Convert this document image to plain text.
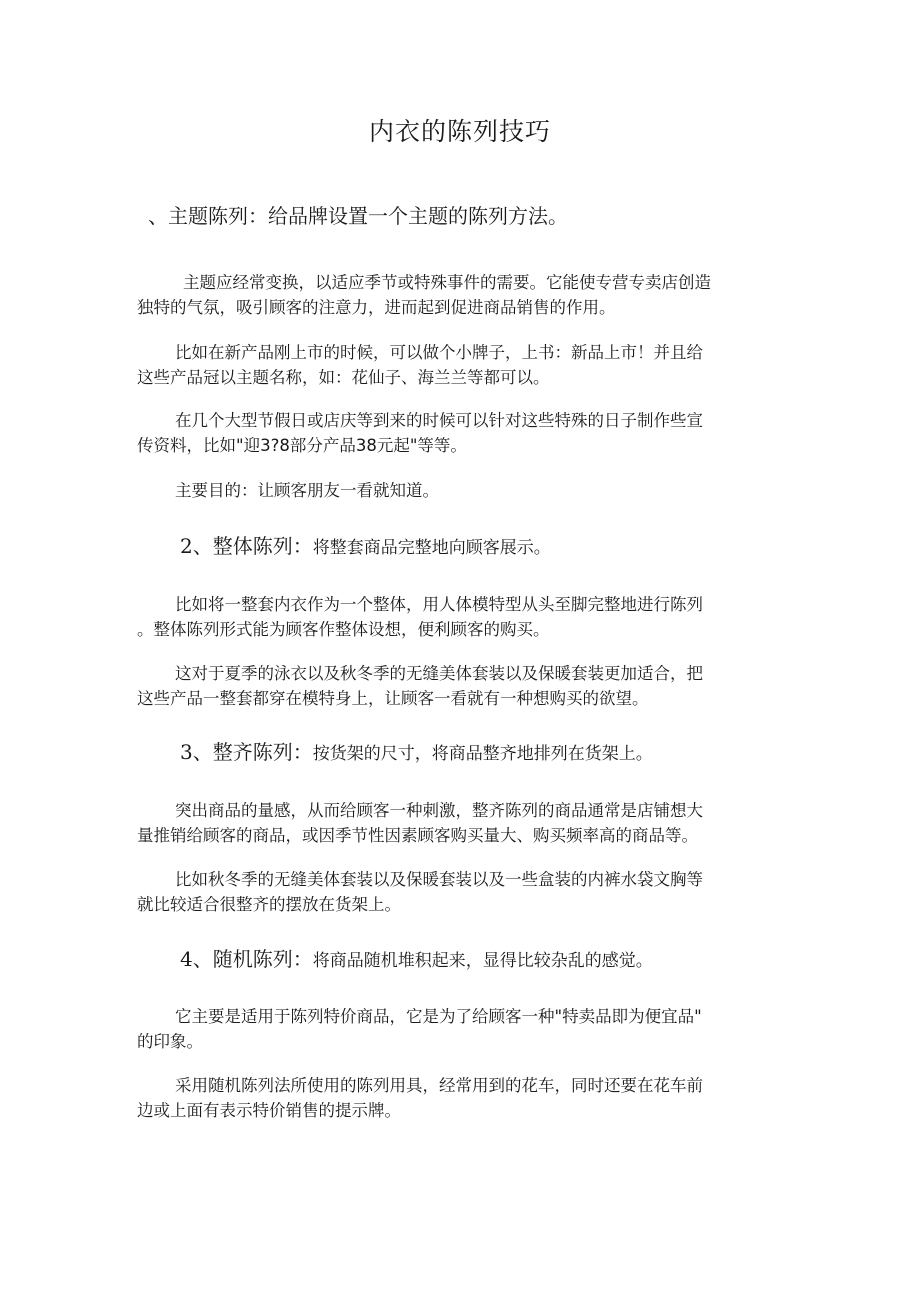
内衣的陈列技巧
、主题陈列：给品牌设置一个主题的陈列方法。

主题应经常变换，以适应季节或特殊事件的需要。它能使专营专卖店创造

独特的气氛，吸引顾客的注意力，进而起到促进商品销售的作用。

比如在新产品刚上市的时候，可以做个小牌子，上书：新品上市！并且给

这些产品冠以主题名称，如：花仙子、海兰兰等都可以。

在几个大型节假日或店庆等到来的时候可以针对这些特殊的日子制作些宣

传资料，比如"迎3?8部分产品38元起"等等。

主要目的：让顾客朋友一看就知道。

2、整体陈列：将整套商品完整地向顾客展示。

比如将一整套内衣作为一个整体，用人体模特型从头至脚完整地进行陈列

。整体陈列形式能为顾客作整体设想，便利顾客的购买。

这对于夏季的泳衣以及秋冬季的无缝美体套装以及保暖套装更加适合，把

这些产品一整套都穿在模特身上，让顾客一看就有一种想购买的欲望。

3、整齐陈列：按货架的尺寸，将商品整齐地排列在货架上。

突出商品的量感，从而给顾客一种刺激，整齐陈列的商品通常是店铺想大

量推销给顾客的商品，或因季节性因素顾客购买量大、购买频率高的商品等。

比如秋冬季的无缝美体套装以及保暖套装以及一些盒装的内裤水袋文胸等

就比较适合很整齐的摆放在货架上。

4、随机陈列：将商品随机堆积起来，显得比较杂乱的感觉。

它主要是适用于陈列特价商品，它是为了给顾客一种"特卖品即为便宜品"

的印象。

采用随机陈列法所使用的陈列用具，经常用到的花车，同时还要在花车前

边或上面有表示特价销售的提示牌。
